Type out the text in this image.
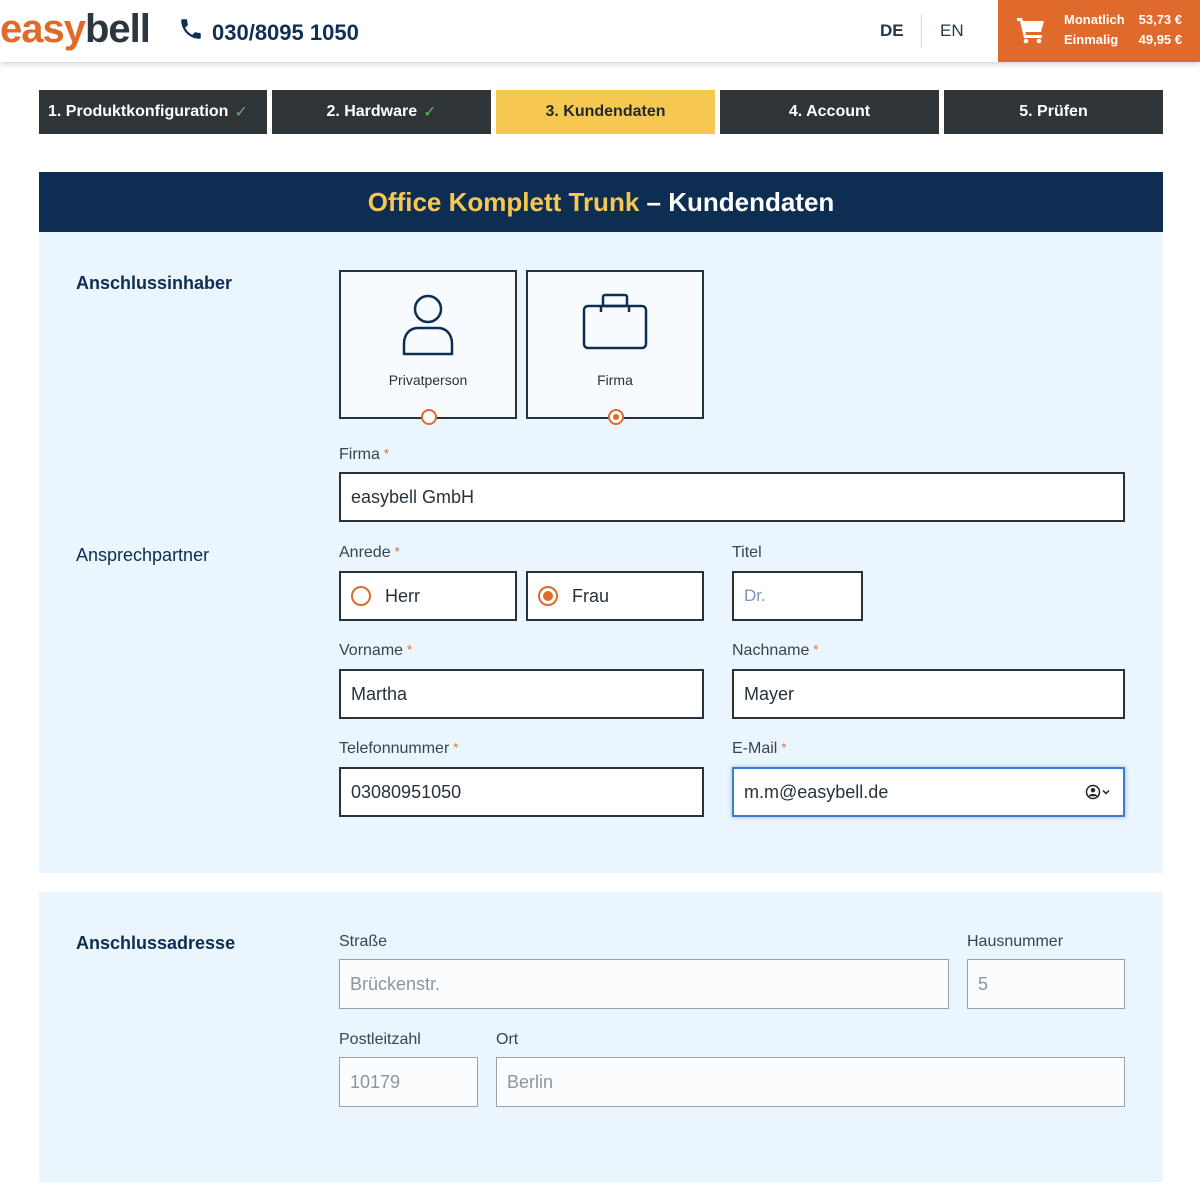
easybell	030/8095 1050	DE EN
Monatlich 53,73 €
Einmalig 49,95 €
1. Produktkonfiguration ✓	2. Hardware ✓	3. Kundendaten	4. Account	5. Prüfen
Office Komplett Trunk – Kundendaten
Anschlussinhaber
Privatperson	Firma
Firma *
easybell GmbH
Ansprechpartner	Anrede *
Herr	Frau
Titel
Dr.
Vorname *
Martha
Nachname *
Mayer
Telefonnummer *
03080951050
E-Mail *
m.m@easybell.de
Anschlussadresse	Straße
Brückenstr.
Hausnummer
5
Postleitzahl
10179
Ort
Berlin
